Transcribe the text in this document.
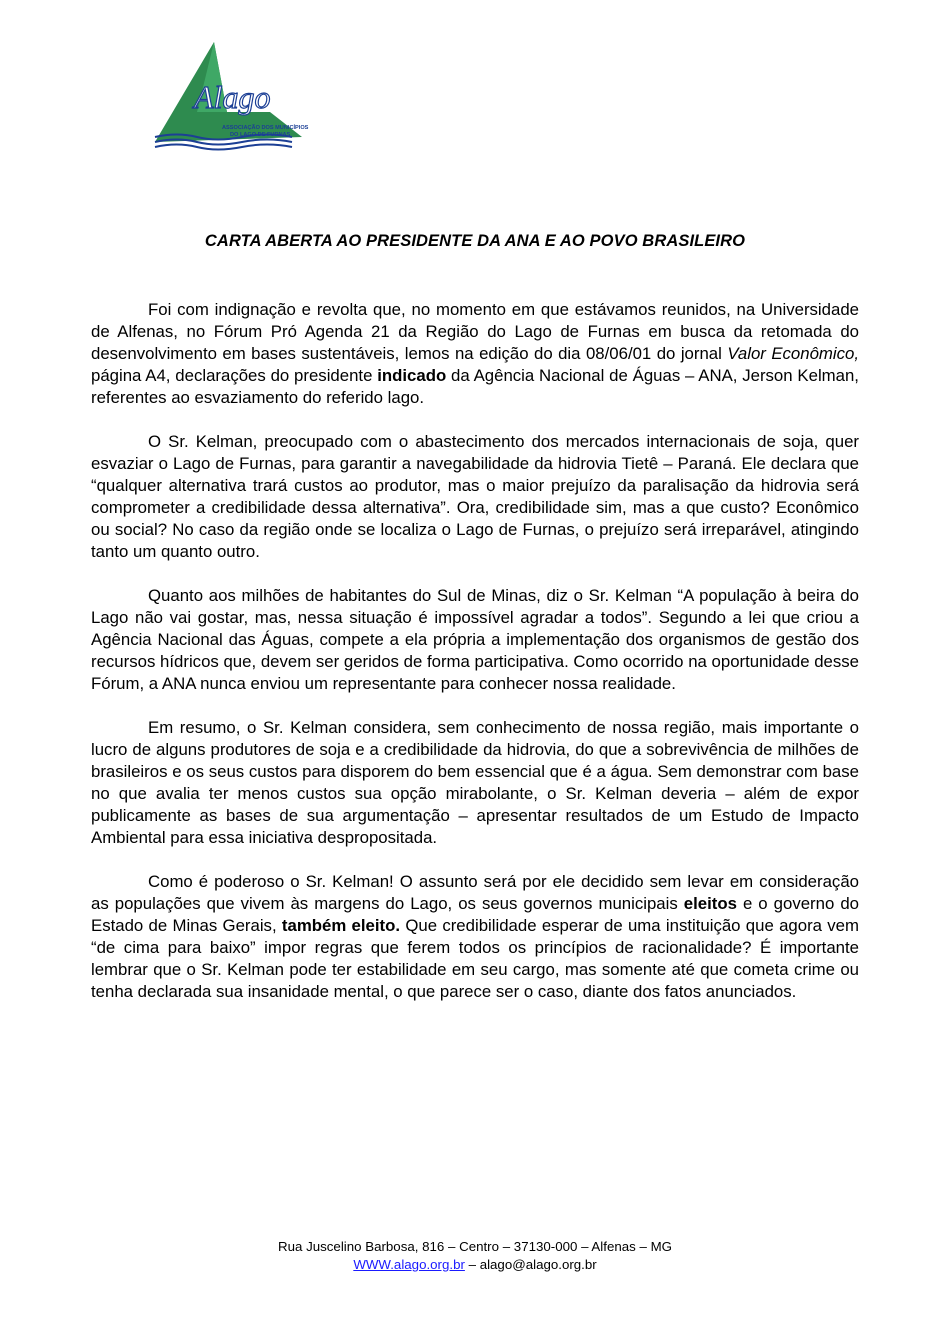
Alago
ASSOCIAÇÃO DOS MUNICÍPIOS
DO LAGO DE FURNAS
CARTA ABERTA AO PRESIDENTE DA ANA E AO POVO BRASILEIRO

Foi com indignação e revolta que, no momento em que estávamos reunidos, na Universidade de Alfenas, no Fórum Pró Agenda 21 da Região do Lago de Furnas em busca da retomada do desenvolvimento em bases sustentáveis, lemos na edição do dia 08/06/01 do jornal Valor Econômico, página A4, declarações do presidente indicado da Agência Nacional de Águas – ANA, Jerson Kelman, referentes ao esvaziamento do referido lago.

O Sr. Kelman, preocupado com o abastecimento dos mercados internacionais de soja, quer esvaziar o Lago de Furnas, para garantir a navegabilidade da hidrovia Tietê – Paraná. Ele declara que “qualquer alternativa trará custos ao produtor, mas o maior prejuízo da paralisação da hidrovia será comprometer a credibilidade dessa alternativa”. Ora, credibilidade sim, mas a que custo? Econômico ou social? No caso da região onde se localiza o Lago de Furnas, o prejuízo será irreparável, atingindo tanto um quanto outro.

Quanto aos milhões de habitantes do Sul de Minas, diz o Sr. Kelman “A população à beira do Lago não vai gostar, mas, nessa situação é impossível agradar a todos”. Segundo a lei que criou a Agência Nacional das Águas, compete a ela própria a implementação dos organismos de gestão dos recursos hídricos que, devem ser geridos de forma participativa. Como ocorrido na oportunidade desse Fórum, a ANA nunca enviou um representante para conhecer nossa realidade.

Em resumo, o Sr. Kelman considera, sem conhecimento de nossa região, mais importante o lucro de alguns produtores de soja e a credibilidade da hidrovia, do que a sobrevivência de milhões de brasileiros e os seus custos para disporem do bem essencial que é a água. Sem demonstrar com base no que avalia ter menos custos sua opção mirabolante, o Sr. Kelman deveria – além de expor publicamente as bases de sua argumentação – apresentar resultados de um Estudo de Impacto Ambiental para essa iniciativa despropositada.

Como é poderoso o Sr. Kelman! O assunto será por ele decidido sem levar em consideração as populações que vivem às margens do Lago, os seus governos municipais eleitos e o governo do Estado de Minas Gerais, também eleito. Que credibilidade esperar de uma instituição que agora vem “de cima para baixo” impor regras que ferem todos os princípios de racionalidade? É importante lembrar que o Sr. Kelman pode ter estabilidade em seu cargo, mas somente até que cometa crime ou tenha declarada sua insanidade mental, o que parece ser o caso, diante dos fatos anunciados.

Rua Juscelino Barbosa, 816 – Centro – 37130-000 – Alfenas – MG
WWW.alago.org.br – alago@alago.org.br
